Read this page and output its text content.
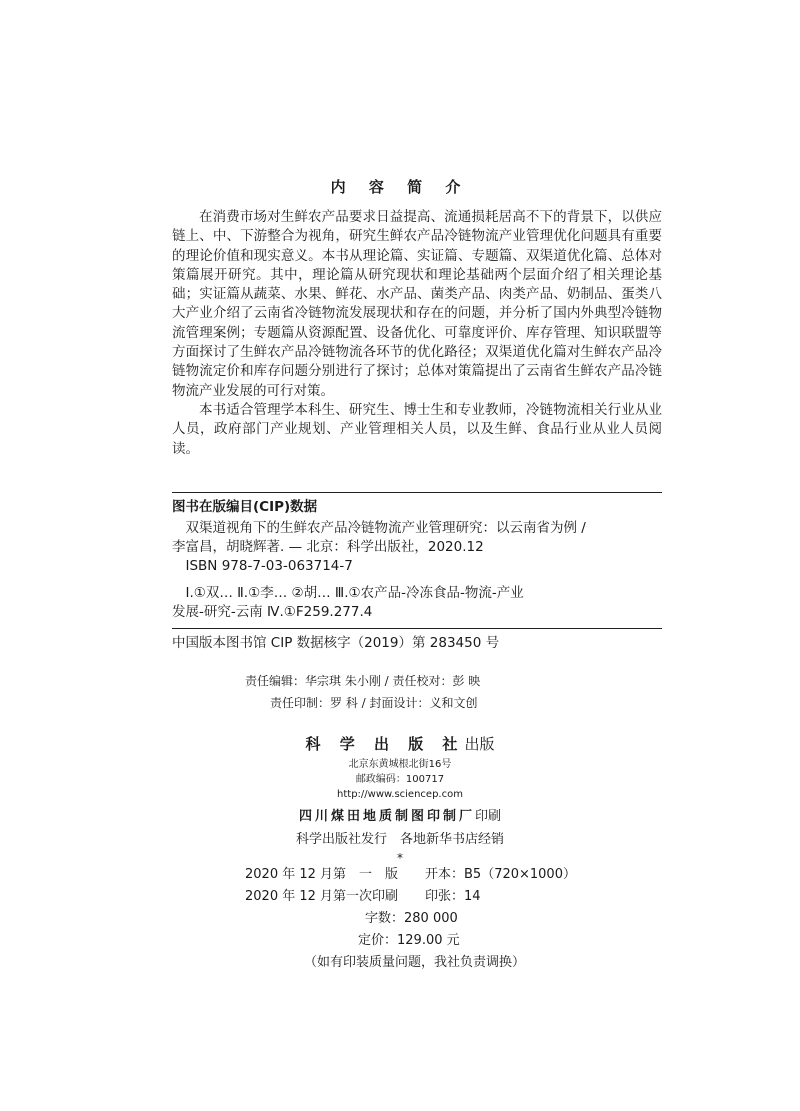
内 容 简 介

在消费市场对生鲜农产品要求日益提高、流通损耗居高不下的背景下，以供应链上、中、下游整合为视角，研究生鲜农产品冷链物流产业管理优化问题具有重要的理论价值和现实意义。本书从理论篇、实证篇、专题篇、双渠道优化篇、总体对策篇展开研究。其中，理论篇从研究现状和理论基础两个层面介绍了相关理论基础；实证篇从蔬菜、水果、鲜花、水产品、菌类产品、肉类产品、奶制品、蛋类八大产业介绍了云南省冷链物流发展现状和存在的问题，并分析了国内外典型冷链物流管理案例；专题篇从资源配置、设备优化、可靠度评价、库存管理、知识联盟等方面探讨了生鲜农产品冷链物流各环节的优化路径；双渠道优化篇对生鲜农产品冷链物流定价和库存问题分别进行了探讨；总体对策篇提出了云南省生鲜农产品冷链物流产业发展的可行对策。

本书适合管理学本科生、研究生、博士生和专业教师，冷链物流相关行业从业人员，政府部门产业规划、产业管理相关人员，以及生鲜、食品行业从业人员阅读。

图书在版编目(CIP)数据
双渠道视角下的生鲜农产品冷链物流产业管理研究：以云南省为例 /
李富昌，胡晓辉著. — 北京：科学出版社，2020.12
ISBN 978-7-03-063714-7
Ⅰ.①双… Ⅱ.①李… ②胡… Ⅲ.①农产品-冷冻食品-物流-产业
发展-研究-云南 Ⅳ.①F259.277.4
中国版本图书馆 CIP 数据核字（2019）第 283450 号
责任编辑：华宗琪 朱小刚 / 责任校对：彭 映
责任印制：罗 科 / 封面设计：义和文创
科 学 出 版 社出版
北京东黄城根北街16号
邮政编码：100717
http://www.sciencep.com
四川煤田地质制图印制厂印刷
科学出版社发行　各地新华书店经销
*
2020 年 12 月第　一　版 开本：B5（720×1000）
2020 年 12 月第一次印刷 印张：14
字数：280 000
定价：129.00 元
（如有印装质量问题，我社负责调换）
